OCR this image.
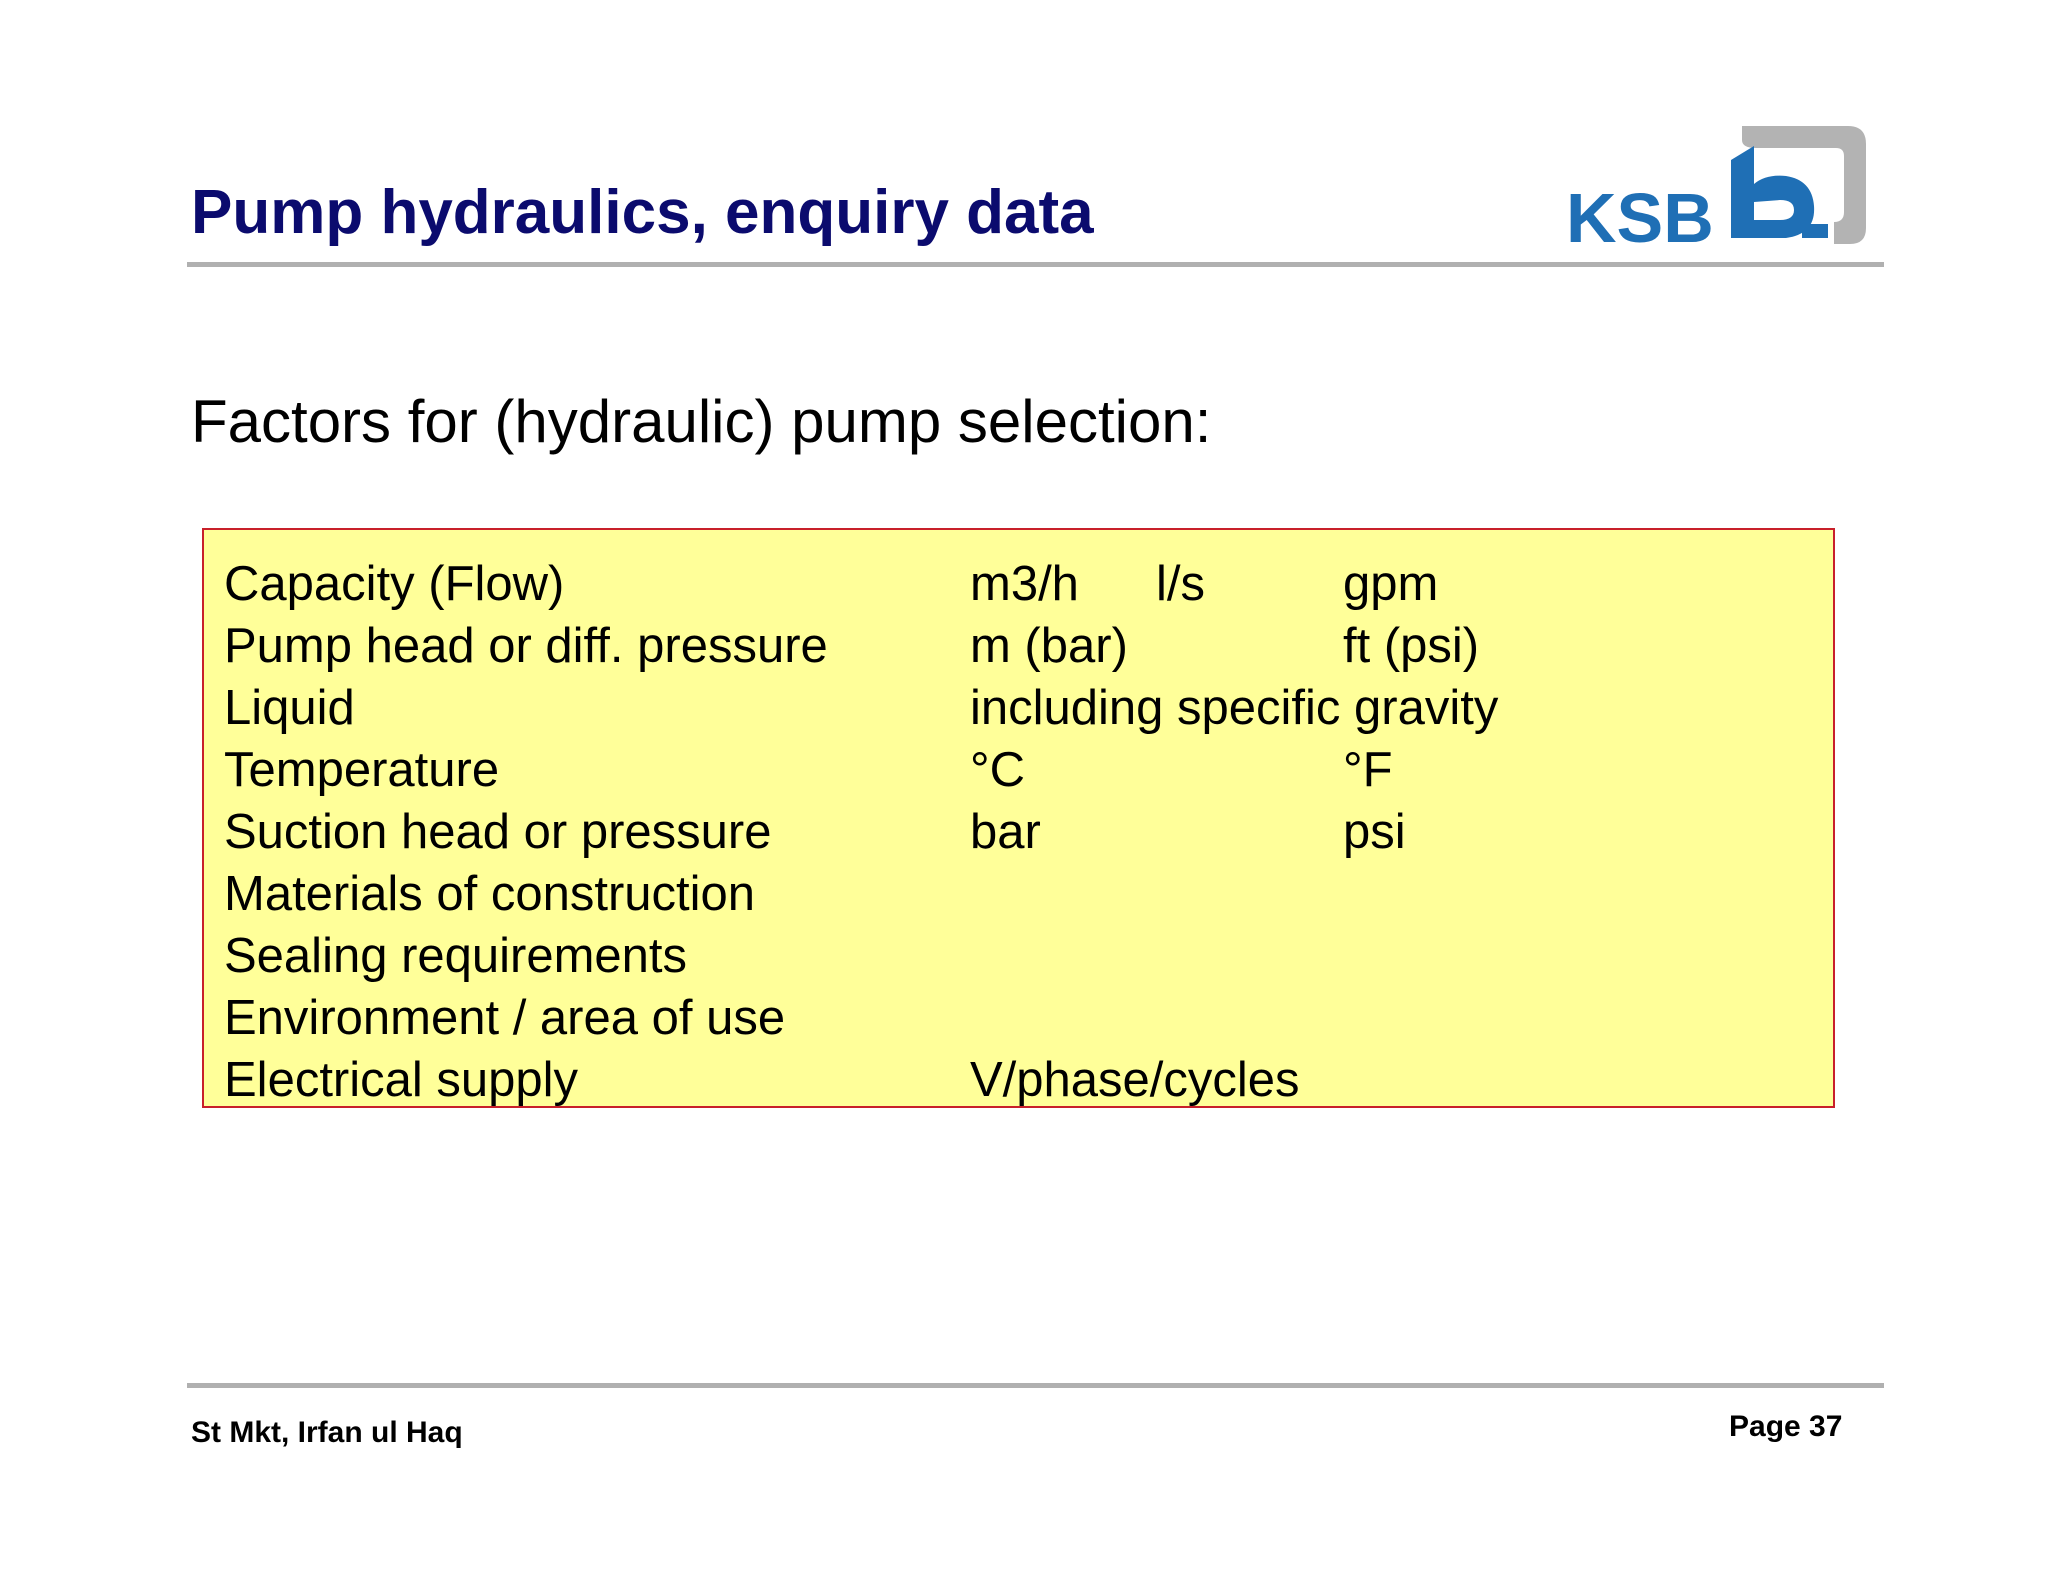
Pump hydraulics, enquiry data	KSB
Factors for (hydraulic) pump selection:
Capacity (Flow)	m3/h l/s	gpm
Pump head or diff. pressure	m (bar)	ft (psi)
Liquid	including specific gravity
Temperature	°C	°F
Suction head or pressure	bar	psi
Materials of construction
Sealing requirements
Environment / area of use
Electrical supply	V/phase/cycles
St Mkt, Irfan ul Haq	Page 37
